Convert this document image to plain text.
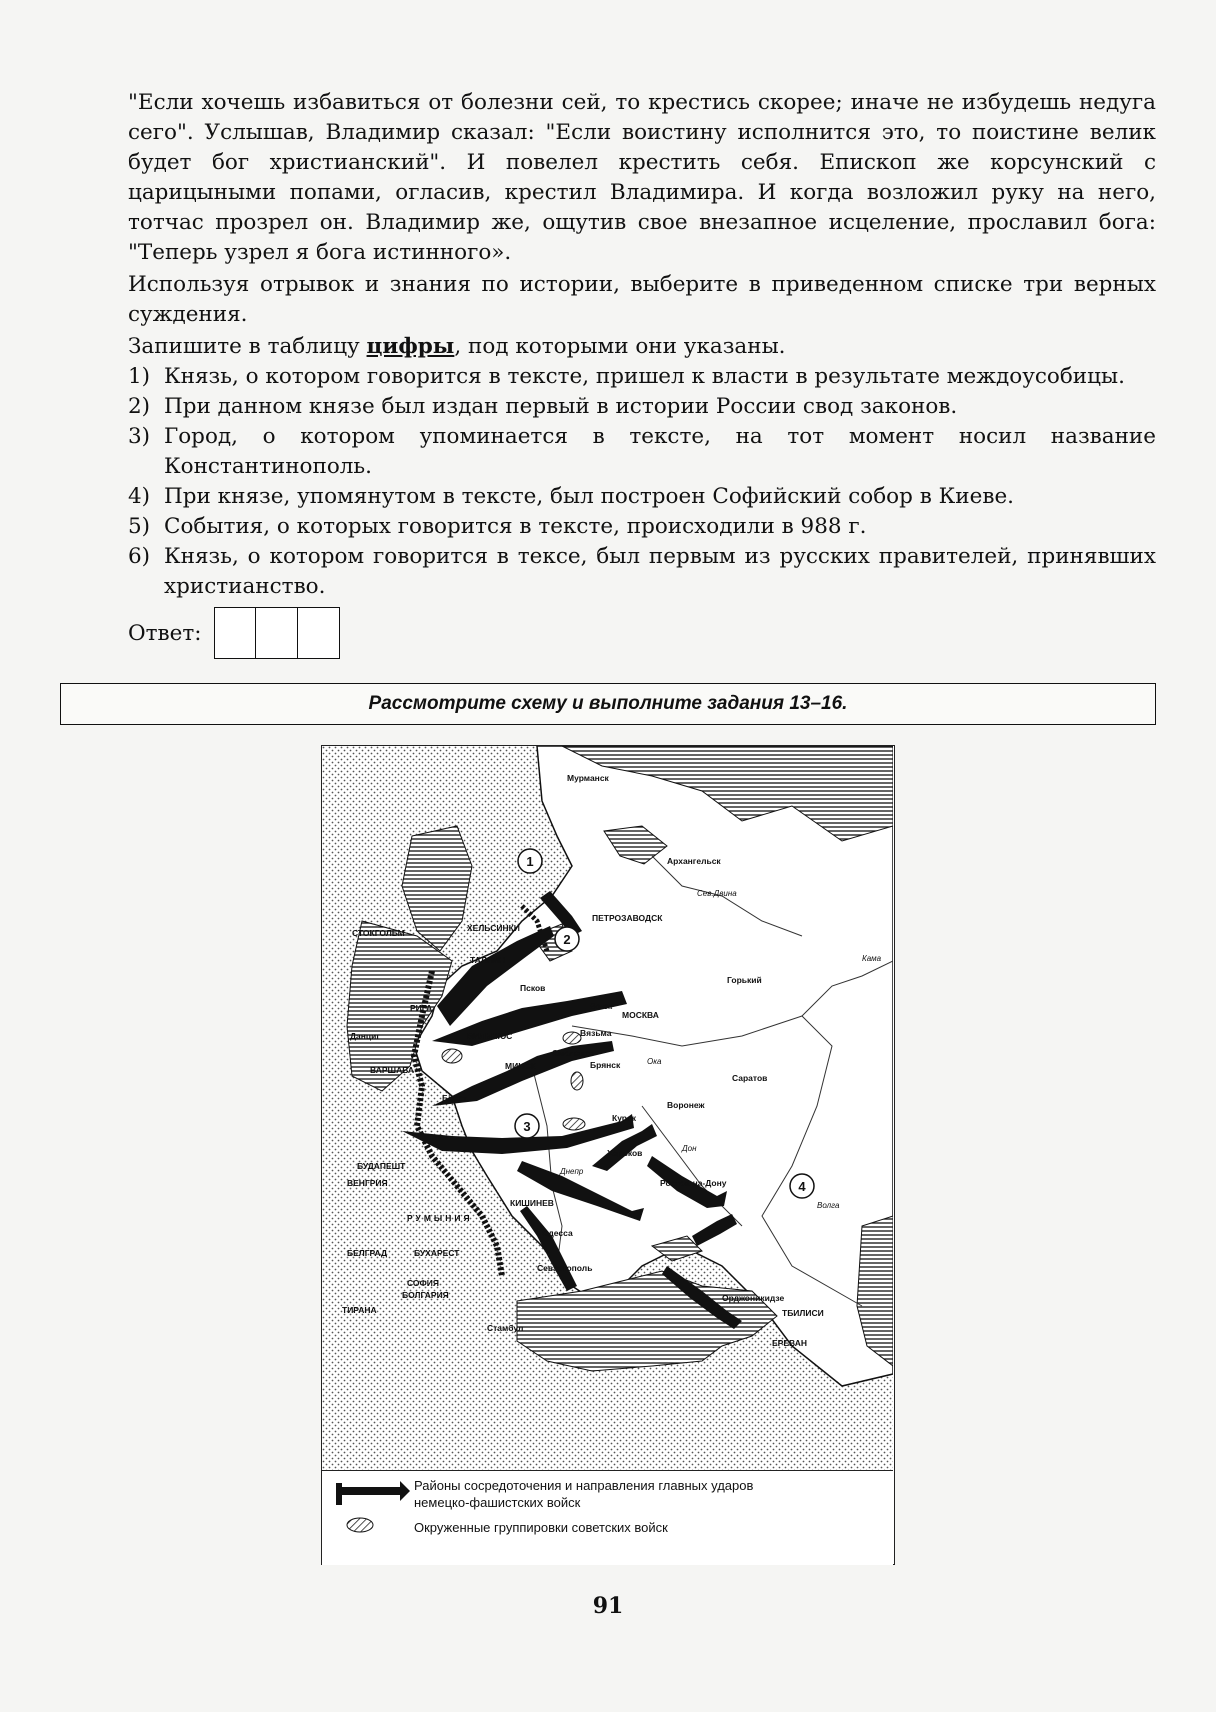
"Если хочешь избавиться от болезни сей, то крестись скорее; иначе не избудешь недуга сего". Услышав, Владимир сказал: "Если воистину исполнится это, то поистине велик будет бог христианский". И повелел крестить себя. Епископ же корсунский с царицыными попами, огласив, крестил Владимира. И когда возложил руку на него, тотчас прозрел он. Владимир же, ощутив свое внезапное исцеление, прославил бога: "Теперь узрел я бога истинного».

Используя отрывок и знания по истории, выберите в приведенном списке три верных суждения.

Запишите в таблицу цифры, под которыми они указаны.

1) Князь, о котором говорится в тексте, пришел к власти в результате междоусобицы.
2) При данном князе был издан первый в истории России свод законов.
3) Город, о котором упоминается в тексте, на тот момент носил название Константинополь.
4) При князе, упомянутом в тексте, был построен Софийский собор в Киеве.
5) События, о которых говорится в тексте, происходили в 988 г.
6) Князь, о котором говорится в тексе, был первым из русских правителей, принявших христианство.
Ответ:
Рассмотрите схему и выполните задания 13–16.
1
2
3
4
Мурманск
Архангельск
ПЕТРОЗАВОДСК
ХЕЛЬСИНКИ
СТОКГОЛЬМ
ТАЛЛИН
РИГА
Псков
ВИЛЬНЮС
МОСКВА
Вязьма
Смоленск
МИНСК	Брянск
ВАРШАВА
Брест
Курск
Воронеж
Саратов
Горький
Харьков
Ростов-на-Дону
БУДАПЕШТ
ВЕНГРИЯ
РУМЫНИЯ
КИШИНЕВ
Одесса
Севастополь
БУХАРЕСТ
БЕЛГРАД
СОФИЯ
БОЛГАРИЯ
ТИРАНА
Стамбул
Орджоникидзе
ТБИЛИСИ
ЕРЕВАН
Данциг
Сев.Двина
Волга
Ока
Дон
Волга
Днепр
Кама
Районы сосредоточения и направления главных ударов
немецко-фашистских войск
Окруженные группировки советских войск
91
